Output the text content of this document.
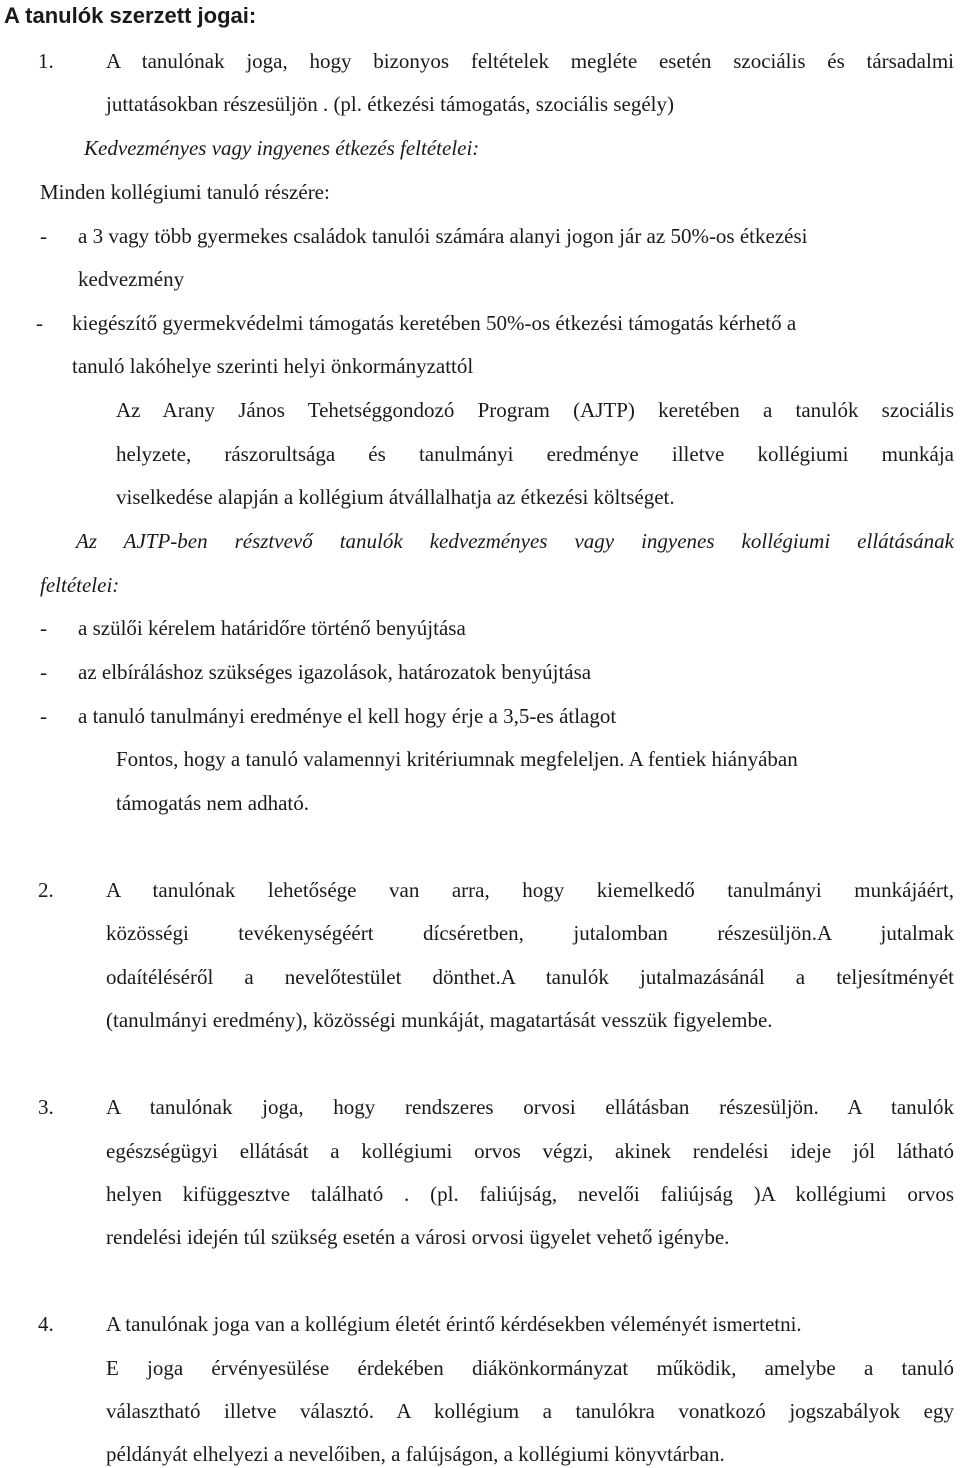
A tanulók szerzett jogai:
1. A tanulónak joga, hogy bizonyos feltételek megléte esetén szociális és társadalmi
juttatásokban részesüljön . (pl. étkezési támogatás, szociális segély)
Kedvezményes vagy ingyenes étkezés feltételei:
Minden kollégiumi tanuló részére:
- a 3 vagy több gyermekes családok tanulói számára alanyi jogon jár az 50%-os étkezési
kedvezmény
- kiegészítő gyermekvédelmi támogatás keretében 50%-os étkezési támogatás kérhető a
tanuló lakóhelye szerinti helyi önkormányzattól
Az Arany János Tehetséggondozó Program (AJTP) keretében a tanulók szociális
helyzete, rászorultsága és tanulmányi eredménye illetve kollégiumi munkája
viselkedése alapján a kollégium átvállalhatja az étkezési költséget.
Az AJTP-ben résztvevő tanulók kedvezményes vagy ingyenes kollégiumi ellátásának
feltételei:
- a szülői kérelem határidőre történő benyújtása
- az elbíráláshoz szükséges igazolások, határozatok benyújtása
- a tanuló tanulmányi eredménye el kell hogy érje a 3,5-es átlagot
Fontos, hogy a tanuló valamennyi kritériumnak megfeleljen. A fentiek hiányában
támogatás nem adható.
2. A tanulónak lehetősége van arra, hogy kiemelkedő tanulmányi munkájáért,
közösségi tevékenységéért dícséretben, jutalomban részesüljön.A jutalmak
odaítéléséről a nevelőtestület dönthet.A tanulók jutalmazásánál a teljesítményét
(tanulmányi eredmény), közösségi munkáját, magatartását vesszük figyelembe.
3. A tanulónak joga, hogy rendszeres orvosi ellátásban részesüljön. A tanulók
egészségügyi ellátását a kollégiumi orvos végzi, akinek rendelési ideje jól látható
helyen kifüggesztve található . (pl. faliújság, nevelői faliújság )A kollégiumi orvos
rendelési idején túl szükség esetén a városi orvosi ügyelet vehető igénybe.
4. A tanulónak joga van a kollégium életét érintő kérdésekben véleményét ismertetni.
E joga érvényesülése érdekében diákönkormányzat működik, amelybe a tanuló
választható illetve választó. A kollégium a tanulókra vonatkozó jogszabályok egy
példányát elhelyezi a nevelőiben, a falújságon, a kollégiumi könyvtárban.
